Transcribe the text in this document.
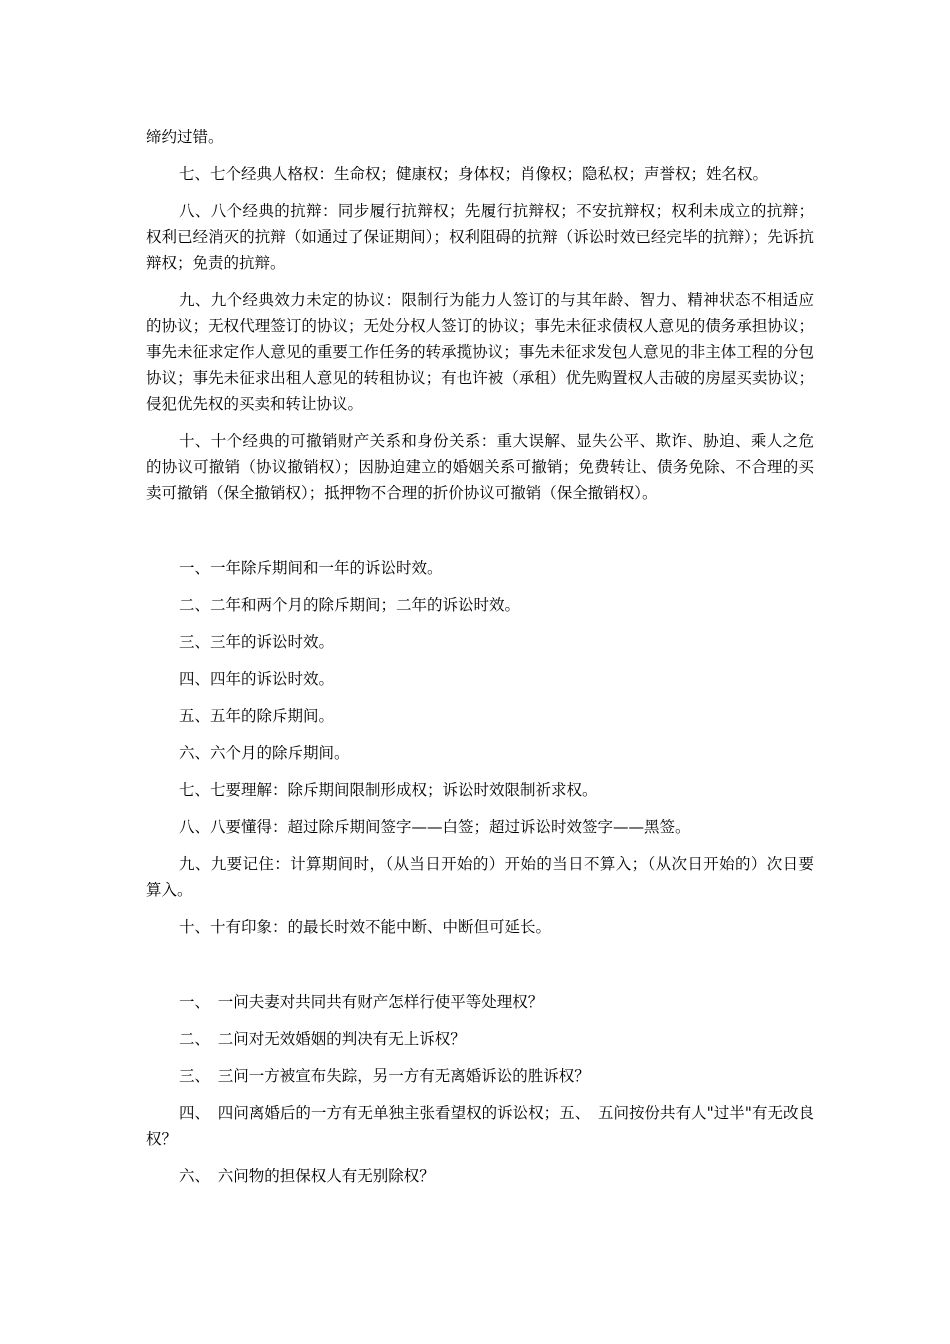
缔约过错。

七、七个经典人格权：生命权；健康权；身体权；肖像权；隐私权；声誉权；姓名权。

八、八个经典的抗辩：同步履行抗辩权；先履行抗辩权；不安抗辩权；权利未成立的抗辩；权利已经消灭的抗辩（如通过了保证期间）；权利阻碍的抗辩（诉讼时效已经完毕的抗辩）；先诉抗辩权；免责的抗辩。

九、九个经典效力未定的协议：限制行为能力人签订的与其年龄、智力、精神状态不相适应的协议；无权代理签订的协议；无处分权人签订的协议；事先未征求债权人意见的债务承担协议；事先未征求定作人意见的重要工作任务的转承揽协议；事先未征求发包人意见的非主体工程的分包协议；事先未征求出租人意见的转租协议；有也许被（承租）优先购置权人击破的房屋买卖协议；侵犯优先权的买卖和转让协议。

十、十个经典的可撤销财产关系和身份关系：重大误解、显失公平、欺诈、胁迫、乘人之危的协议可撤销（协议撤销权）；因胁迫建立的婚姻关系可撤销；免费转让、债务免除、不合理的买卖可撤销（保全撤销权）；抵押物不合理的折价协议可撤销（保全撤销权）。

一、一年除斥期间和一年的诉讼时效。

二、二年和两个月的除斥期间；二年的诉讼时效。

三、三年的诉讼时效。

四、四年的诉讼时效。

五、五年的除斥期间。

六、六个月的除斥期间。

七、七要理解：除斥期间限制形成权；诉讼时效限制祈求权。

八、八要懂得：超过除斥期间签字——白签；超过诉讼时效签字——黑签。

九、九要记住：计算期间时，（从当日开始的）开始的当日不算入；（从次日开始的）次日要算入。

十、十有印象：的最长时效不能中断、中断但可延长。

一、　一问夫妻对共同共有财产怎样行使平等处理权？

二、　二问对无效婚姻的判决有无上诉权？

三、　三问一方被宣布失踪，另一方有无离婚诉讼的胜诉权？

四、　四问离婚后的一方有无单独主张看望权的诉讼权；五、　五问按份共有人"过半"有无改良权？

六、　六问物的担保权人有无别除权？
